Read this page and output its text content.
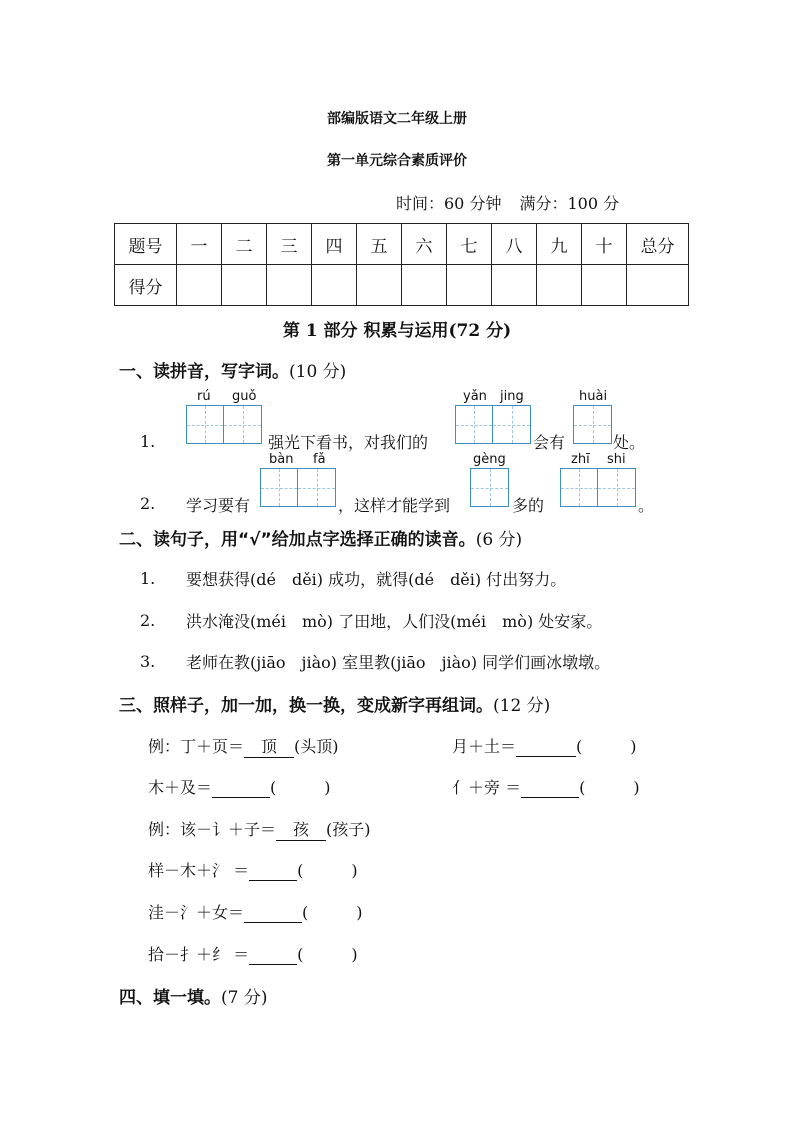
部编版语文二年级上册
第一单元综合素质评价
时间：60 分钟 满分：100 分
题号	一	二	三	四	五	六	七	八	九	十	总分
得分											
第 1 部分 积累与运用(72 分)
一、读拼音，写字词。(10 分)
1.
rú guǒ
强光下看书，对我们的
yǎn jing
会有
huài
处。
2. 学习要有
bàn fǎ
，这样才能学到
gèng
多的
zhī shi
。
二、读句子，用“√”给加点字选择正确的读音。(6 分)
1. 要想获得(dé　děi) 成功，就得(dé　děi) 付出努力。
2. 洪水淹没(méi　mò) 了田地，人们没(méi　mò) 处安家。
3. 老师在教(jiāo　jiào) 室里教(jiāo　jiào) 同学们画冰墩墩。
三、照样子，加一加，换一换，变成新字再组词。(12 分)
例：丁＋页＝ 顶 (头顶)	月＋土＝	(	)
木＋及＝	(	)	亻＋旁 ＝	(	)
例：该－讠＋子＝ 孩 (孩子)
样－木＋氵 ＝	(	)
洼－氵＋女＝	(	)
拾－扌＋纟 ＝	(	)
四、填一填。(7 分)
